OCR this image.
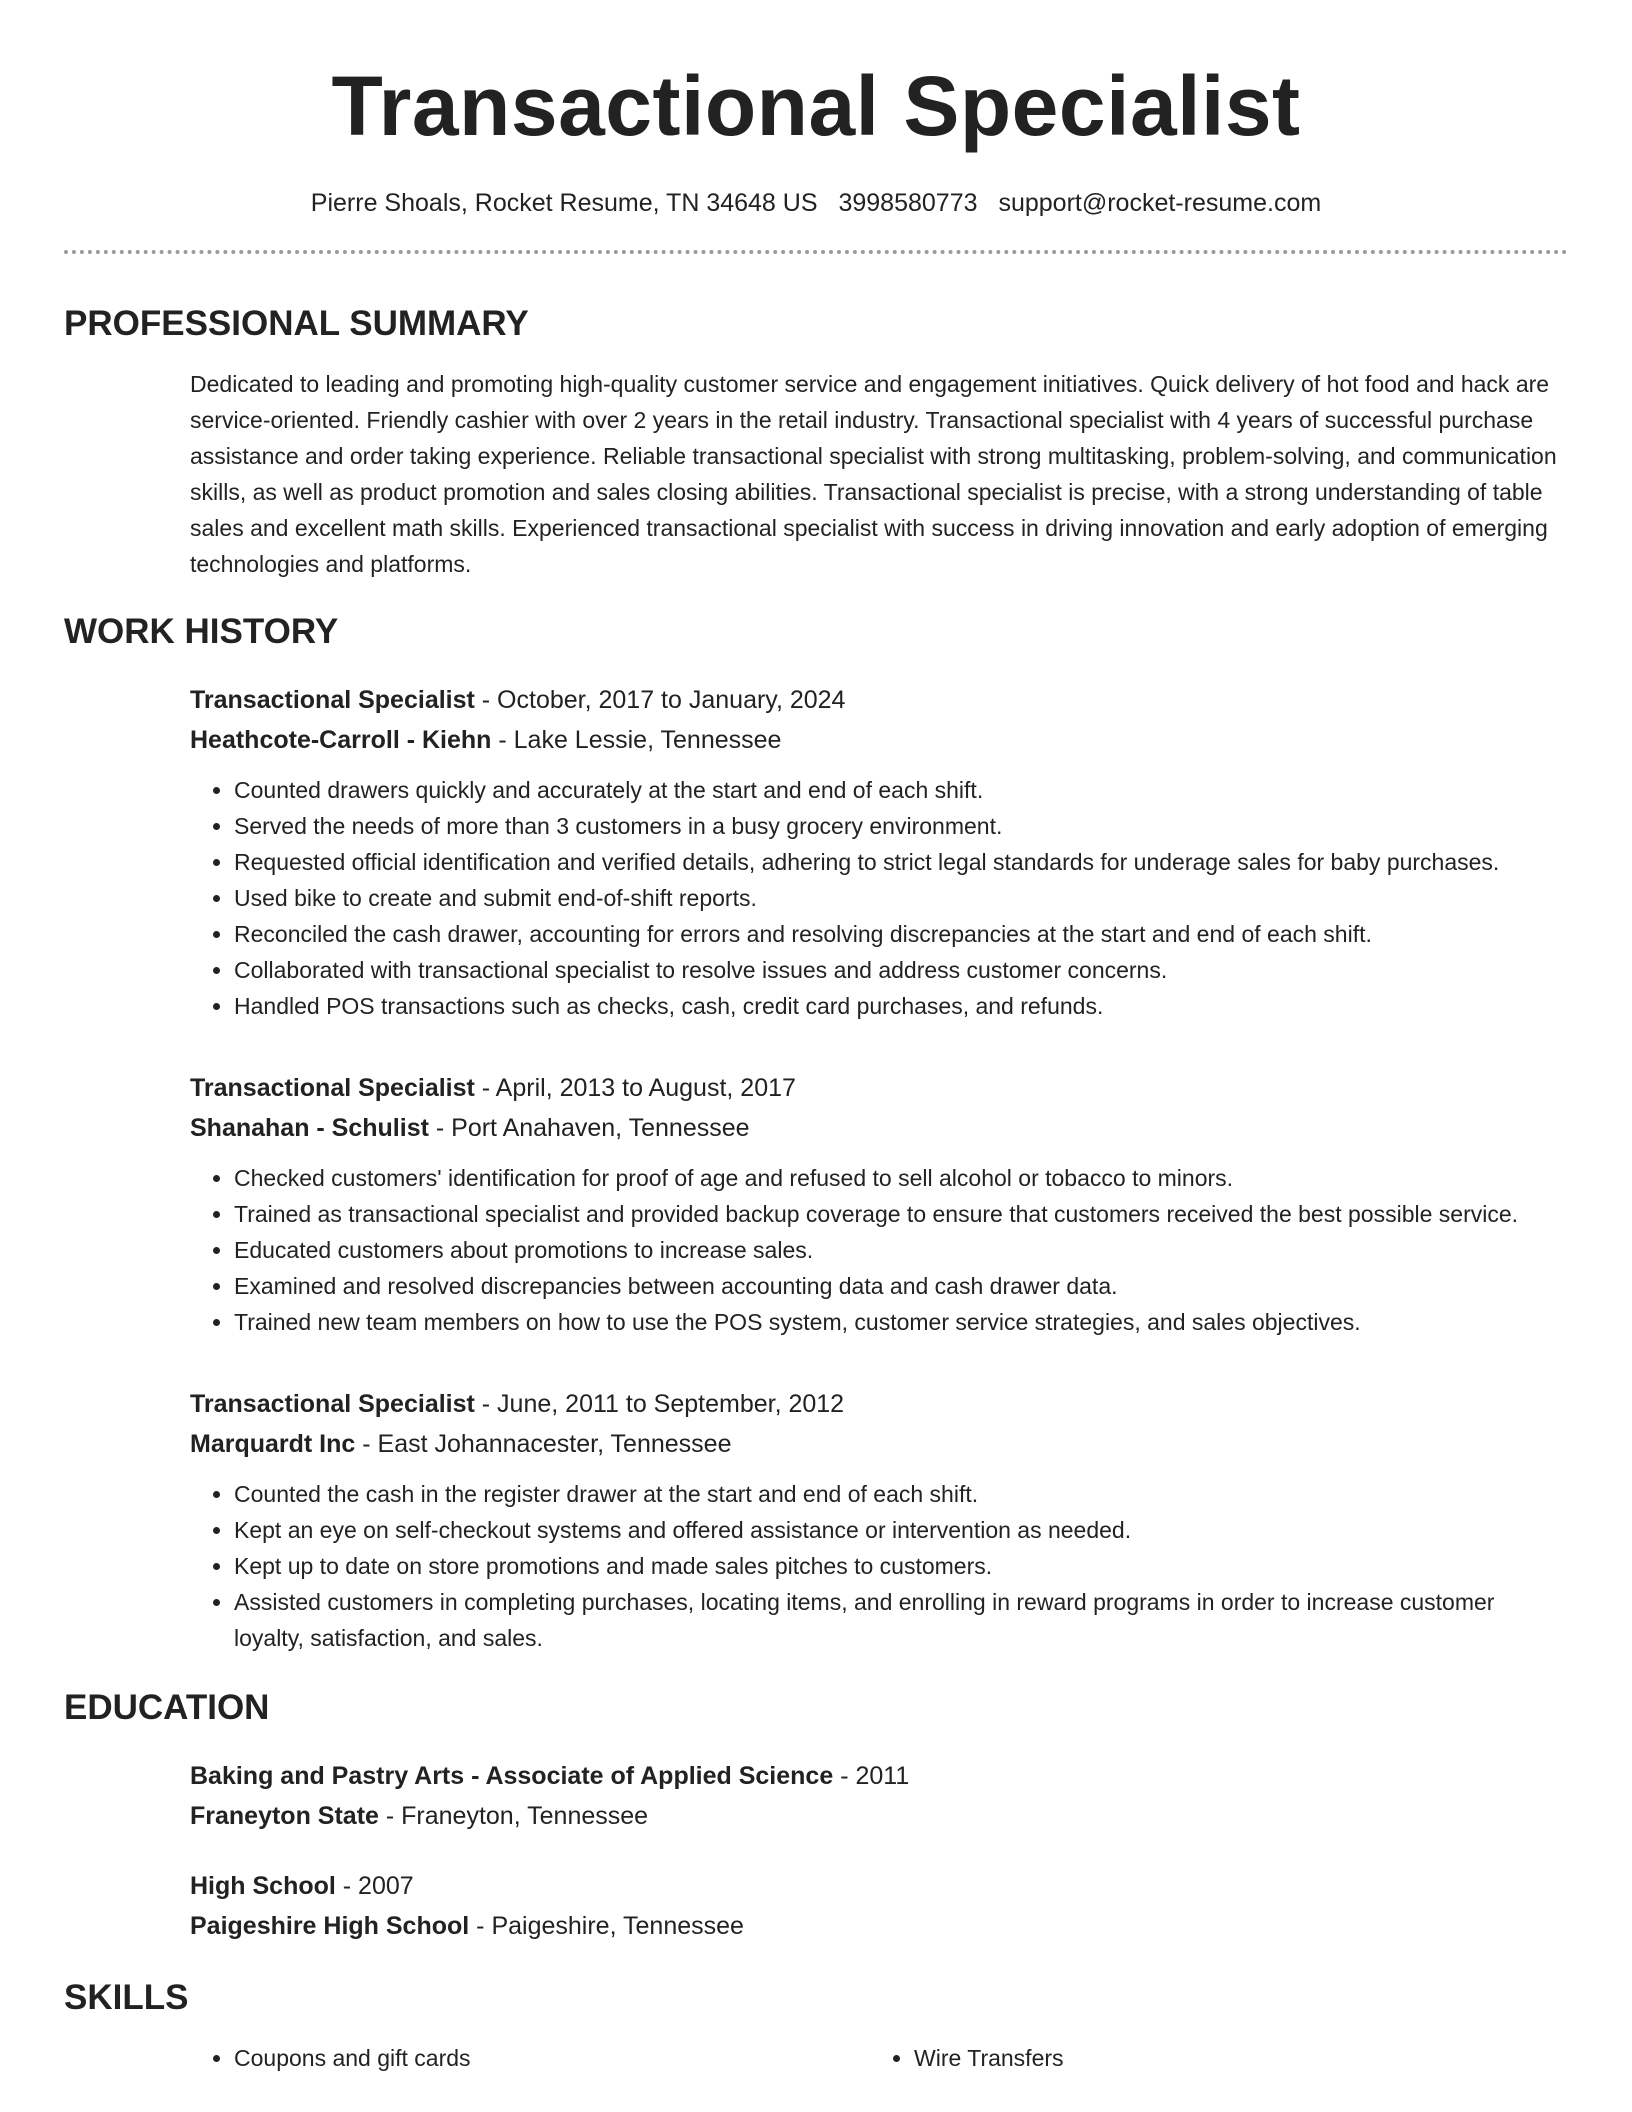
Transactional Specialist
Pierre Shoals, Rocket Resume, TN 34648 US 3998580773 support@rocket-resume.com
PROFESSIONAL SUMMARY
Dedicated to leading and promoting high-quality customer service and engagement initiatives. Quick delivery of hot food and hack are service-oriented. Friendly cashier with over 2 years in the retail industry. Transactional specialist with 4 years of successful purchase assistance and order taking experience. Reliable transactional specialist with strong multitasking, problem-solving, and communication skills, as well as product promotion and sales closing abilities. Transactional specialist is precise, with a strong understanding of table sales and excellent math skills. Experienced transactional specialist with success in driving innovation and early adoption of emerging technologies and platforms.
WORK HISTORY
Transactional Specialist - October, 2017 to January, 2024
Heathcote-Carroll - Kiehn - Lake Lessie, Tennessee
• Counted drawers quickly and accurately at the start and end of each shift.
• Served the needs of more than 3 customers in a busy grocery environment.
• Requested official identification and verified details, adhering to strict legal standards for underage sales for baby purchases.
• Used bike to create and submit end-of-shift reports.
• Reconciled the cash drawer, accounting for errors and resolving discrepancies at the start and end of each shift.
• Collaborated with transactional specialist to resolve issues and address customer concerns.
• Handled POS transactions such as checks, cash, credit card purchases, and refunds.
Transactional Specialist - April, 2013 to August, 2017
Shanahan - Schulist - Port Anahaven, Tennessee
• Checked customers' identification for proof of age and refused to sell alcohol or tobacco to minors.
• Trained as transactional specialist and provided backup coverage to ensure that customers received the best possible service.
• Educated customers about promotions to increase sales.
• Examined and resolved discrepancies between accounting data and cash drawer data.
• Trained new team members on how to use the POS system, customer service strategies, and sales objectives.
Transactional Specialist - June, 2011 to September, 2012
Marquardt Inc - East Johannacester, Tennessee
• Counted the cash in the register drawer at the start and end of each shift.
• Kept an eye on self-checkout systems and offered assistance or intervention as needed.
• Kept up to date on store promotions and made sales pitches to customers.
• Assisted customers in completing purchases, locating items, and enrolling in reward programs in order to increase customer loyalty, satisfaction, and sales.
EDUCATION
Baking and Pastry Arts - Associate of Applied Science - 2011
Franeyton State - Franeyton, Tennessee
High School - 2007
Paigeshire High School - Paigeshire, Tennessee
SKILLS
• Coupons and gift cards
•	Wire Transfers
